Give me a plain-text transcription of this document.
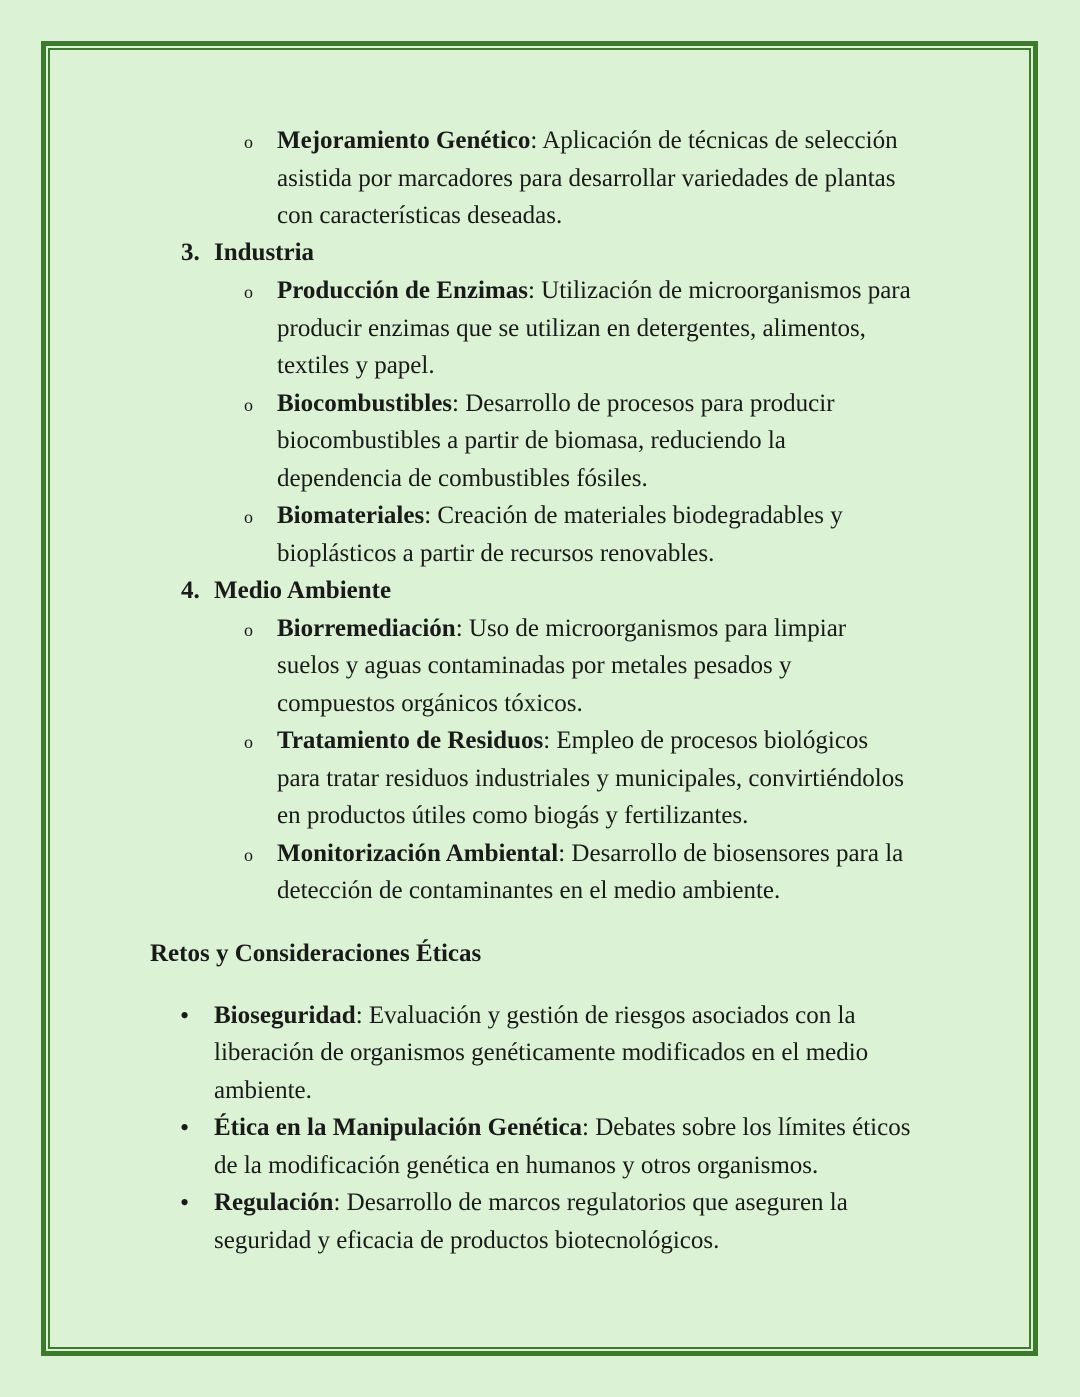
o Mejoramiento Genético: Aplicación de técnicas de selección
asistida por marcadores para desarrollar variedades de plantas
con características deseadas.
3. Industria
o Producción de Enzimas: Utilización de microorganismos para
producir enzimas que se utilizan en detergentes, alimentos,
textiles y papel.
o Biocombustibles: Desarrollo de procesos para producir
biocombustibles a partir de biomasa, reduciendo la
dependencia de combustibles fósiles.
o Biomateriales: Creación de materiales biodegradables y
bioplásticos a partir de recursos renovables.
4. Medio Ambiente
o Biorremediación: Uso de microorganismos para limpiar
suelos y aguas contaminadas por metales pesados y
compuestos orgánicos tóxicos.
o Tratamiento de Residuos: Empleo de procesos biológicos
para tratar residuos industriales y municipales, convirtiéndolos
en productos útiles como biogás y fertilizantes.
o Monitorización Ambiental: Desarrollo de biosensores para la
detección de contaminantes en el medio ambiente.
Retos y Consideraciones Éticas
• Bioseguridad: Evaluación y gestión de riesgos asociados con la
liberación de organismos genéticamente modificados en el medio
ambiente.
• Ética en la Manipulación Genética: Debates sobre los límites éticos
de la modificación genética en humanos y otros organismos.
• Regulación: Desarrollo de marcos regulatorios que aseguren la
seguridad y eficacia de productos biotecnológicos.
